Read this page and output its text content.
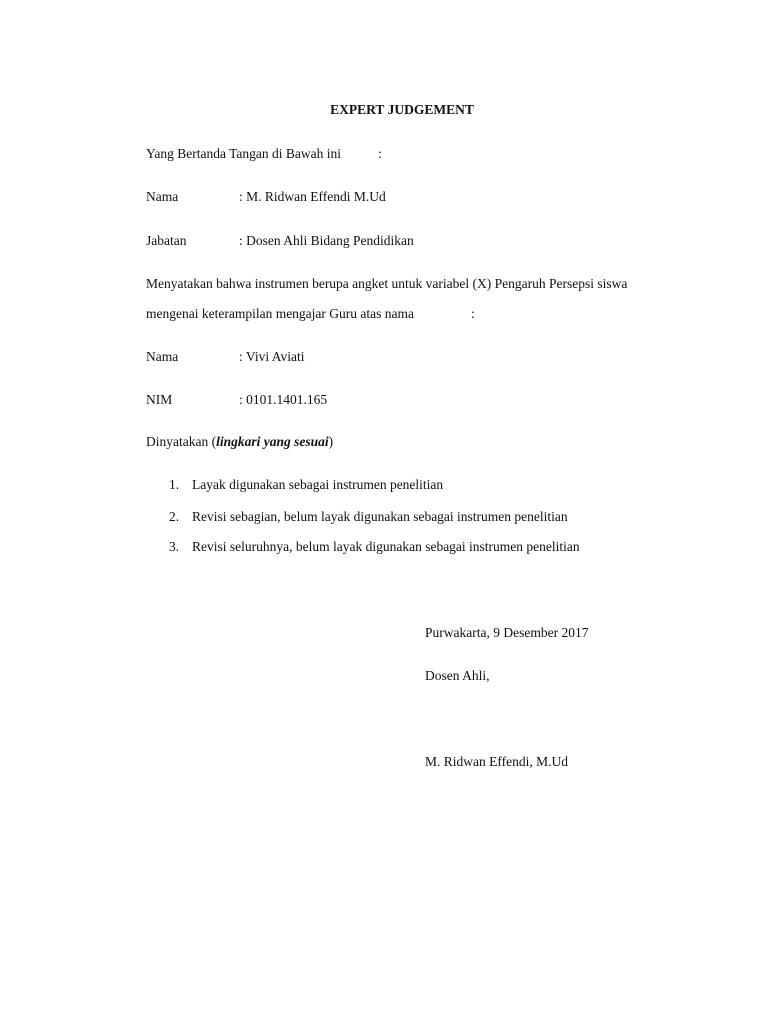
EXPERT JUDGEMENT
Yang Bertanda Tangan di Bawah ini	:
Nama	: M. Ridwan Effendi M.Ud
Jabatan	: Dosen Ahli Bidang Pendidikan
Menyatakan bahwa instrumen berupa angket untuk variabel (X) Pengaruh Persepsi siswa
mengenai keterampilan mengajar Guru atas nama	:
Nama	: Vivi Aviati
NIM	: 0101.1401.165
Dinyatakan (lingkari yang sesuai)
1. Layak digunakan sebagai instrumen penelitian
2. Revisi sebagian, belum layak digunakan sebagai instrumen penelitian
3. Revisi seluruhnya, belum layak digunakan sebagai instrumen penelitian
Purwakarta, 9 Desember 2017
Dosen Ahli,
M. Ridwan Effendi, M.Ud
